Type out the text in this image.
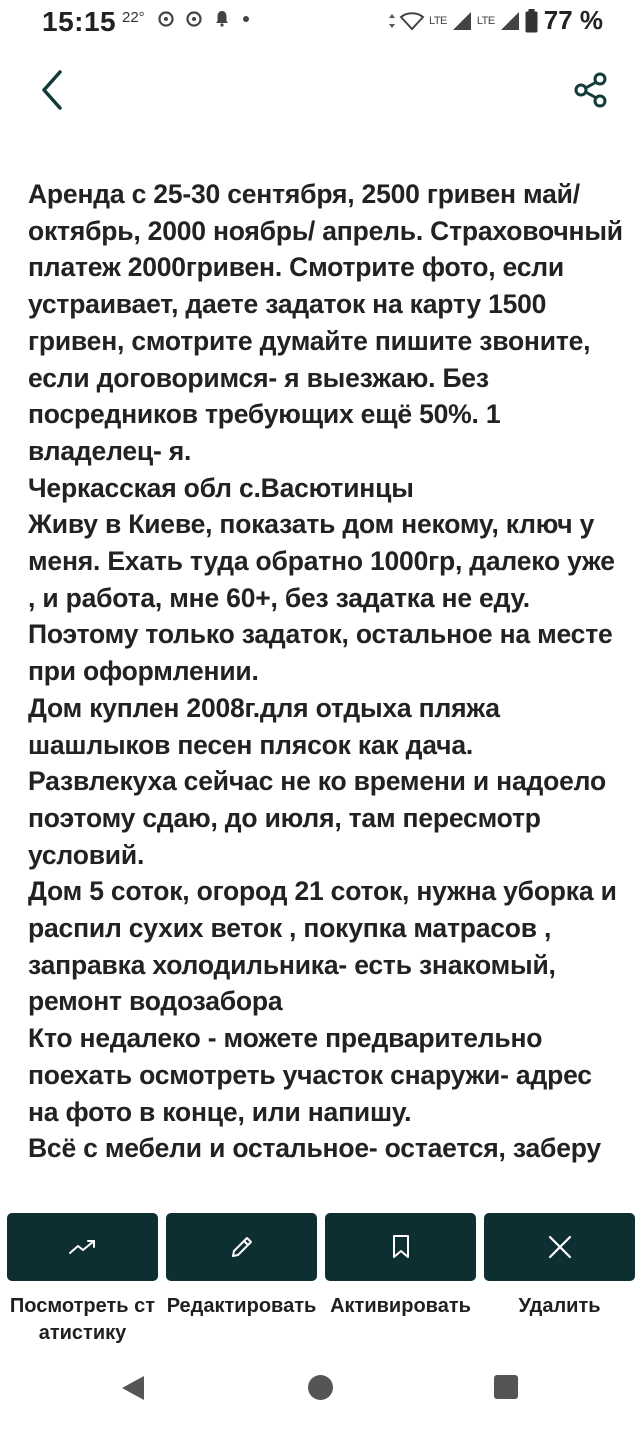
15:15 22°	LTE	LTE 77 %
Аренда с 25-30 сентября, 2500 гривен май/ октябрь, 2000 ноябрь/ апрель. Страховочный платеж 2000гривен. Смотрите фото, если устраивает, даете задаток на карту 1500 гривен, смотрите думайте пишите звоните, если договоримся- я выезжаю. Без посредников требующих ещё 50%. 1 владелец- я.
Черкасская обл с.Васютинцы
Живу в Киеве, показать дом некому, ключ у меня. Ехать туда обратно 1000гр, далеко уже , и работа, мне 60+, без задатка не еду. Поэтому только задаток, остальное на месте при оформлении.
Дом куплен 2008г.для отдыха пляжа шашлыков песен плясок как дача.
Развлекуха сейчас не ко времени и надоело поэтому сдаю, до июля, там пересмотр условий.
Дом 5 соток, огород 21 соток, нужна уборка и распил сухих веток , покупка матрасов , заправка холодильника- есть знакомый, ремонт водозабора
Кто недалеко - можете предварительно поехать осмотреть участок снаружи- адрес на фото в конце, или напишу.
Всё с мебели и остальное- остается, заберу
Посмотреть статистику
Редактировать Активировать	Удалить
